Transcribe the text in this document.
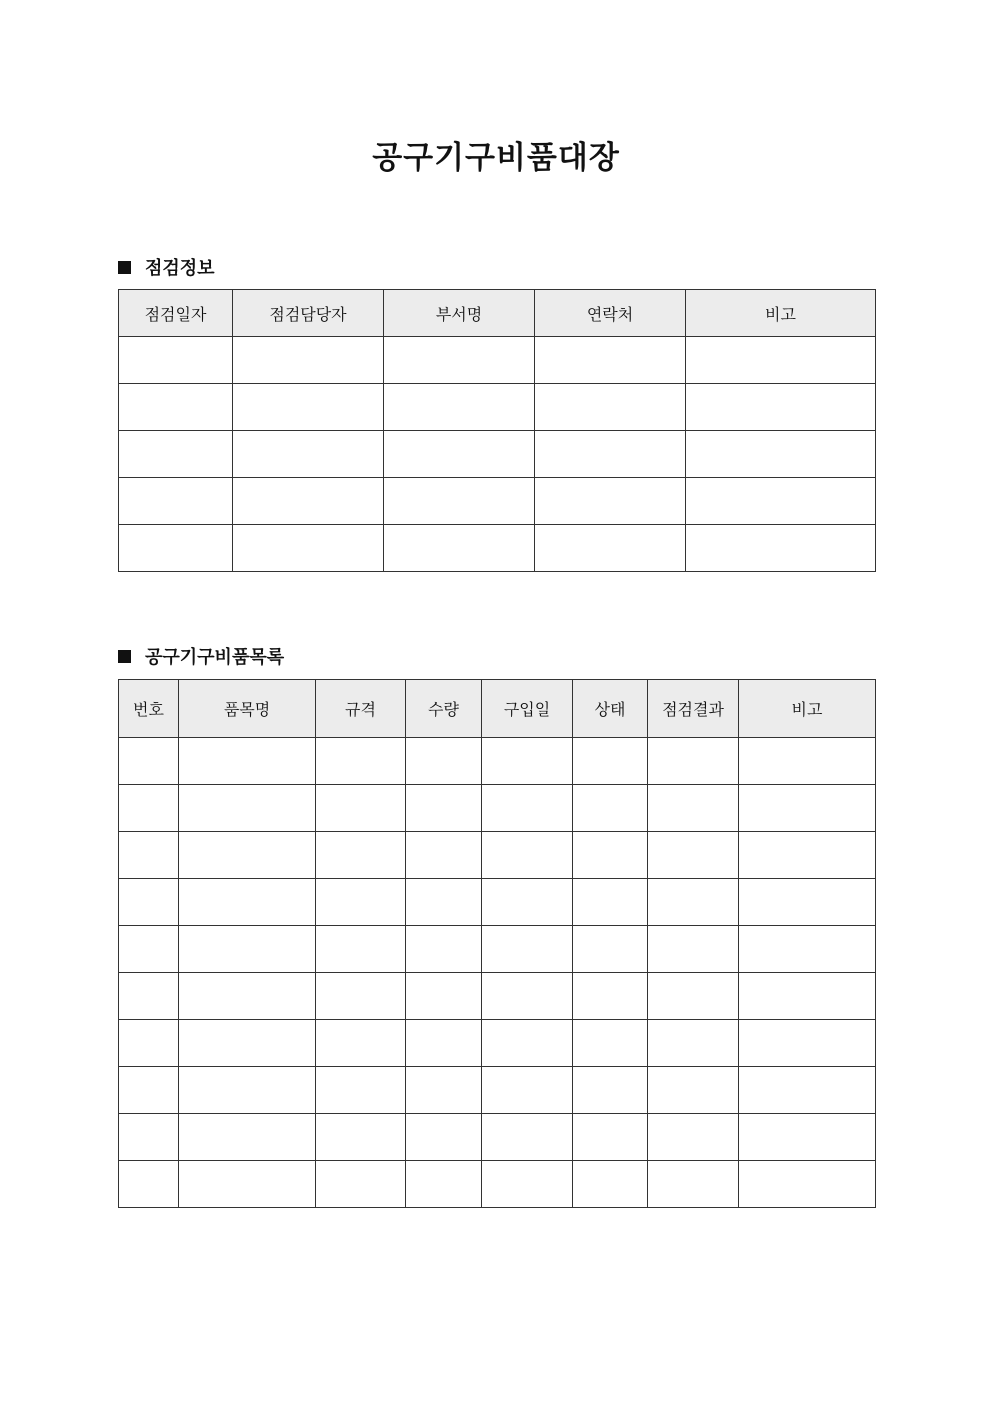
공구기구비품대장
점검정보
점검일자	점검담당자	부서명	연락처	비고

공구기구비품목록
번호	품목명	규격	수량	구입일	상태	점검결과	비고
